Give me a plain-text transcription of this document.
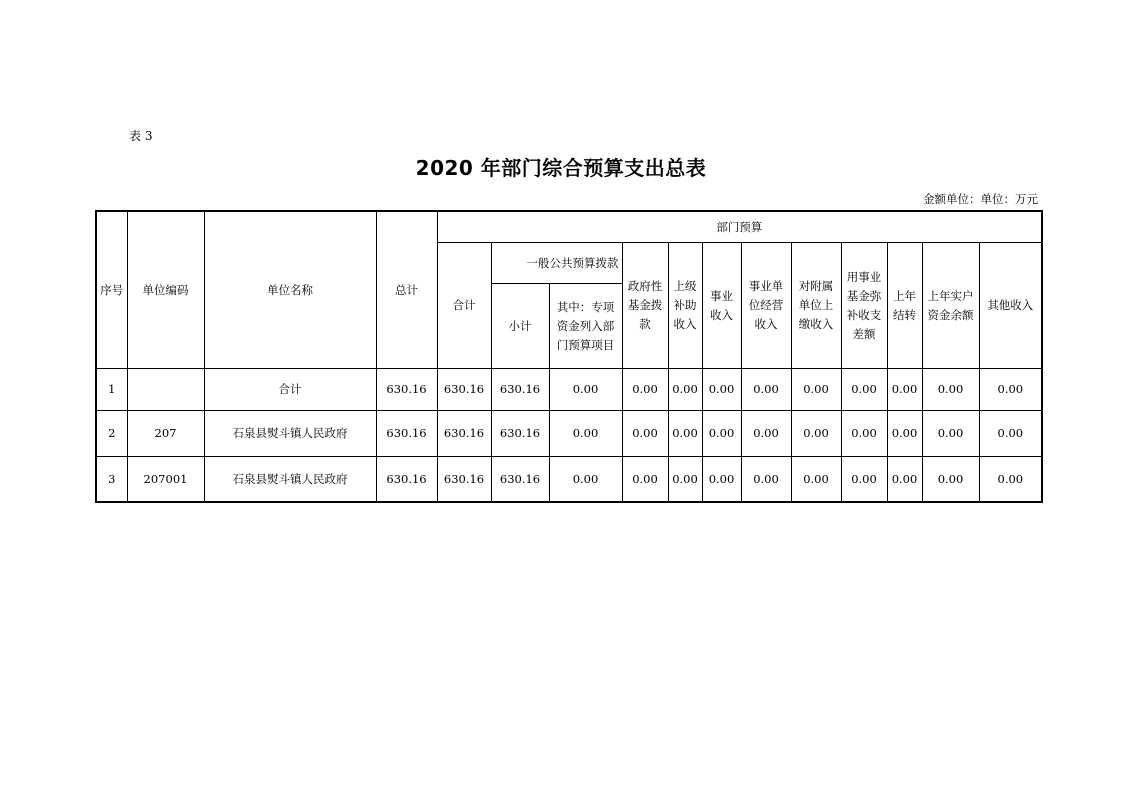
表 3
2020 年部门综合预算支出总表
金额单位：单位：万元
序号	单位编码	单位名称	总计	部门预算											
				合计	一般公共预算拨款		政府性基金拨款	上级补助收入	事业收入	事业单位经营收入	对附属单位上缴收入	用事业基金弥补收支差额	上年结转	上年实户资金余额	其他收入
					小计	其中：专项资金列入部门预算项目									
1		合计	630.16	630.16	630.16	0.00	0.00	0.00	0.00	0.00	0.00	0.00	0.00	0.00	0.00
2	207	石泉县熨斗镇人民政府	630.16	630.16	630.16	0.00	0.00	0.00	0.00	0.00	0.00	0.00	0.00	0.00	0.00
3	207001	石泉县熨斗镇人民政府	630.16	630.16	630.16	0.00	0.00	0.00	0.00	0.00	0.00	0.00	0.00	0.00	0.00
